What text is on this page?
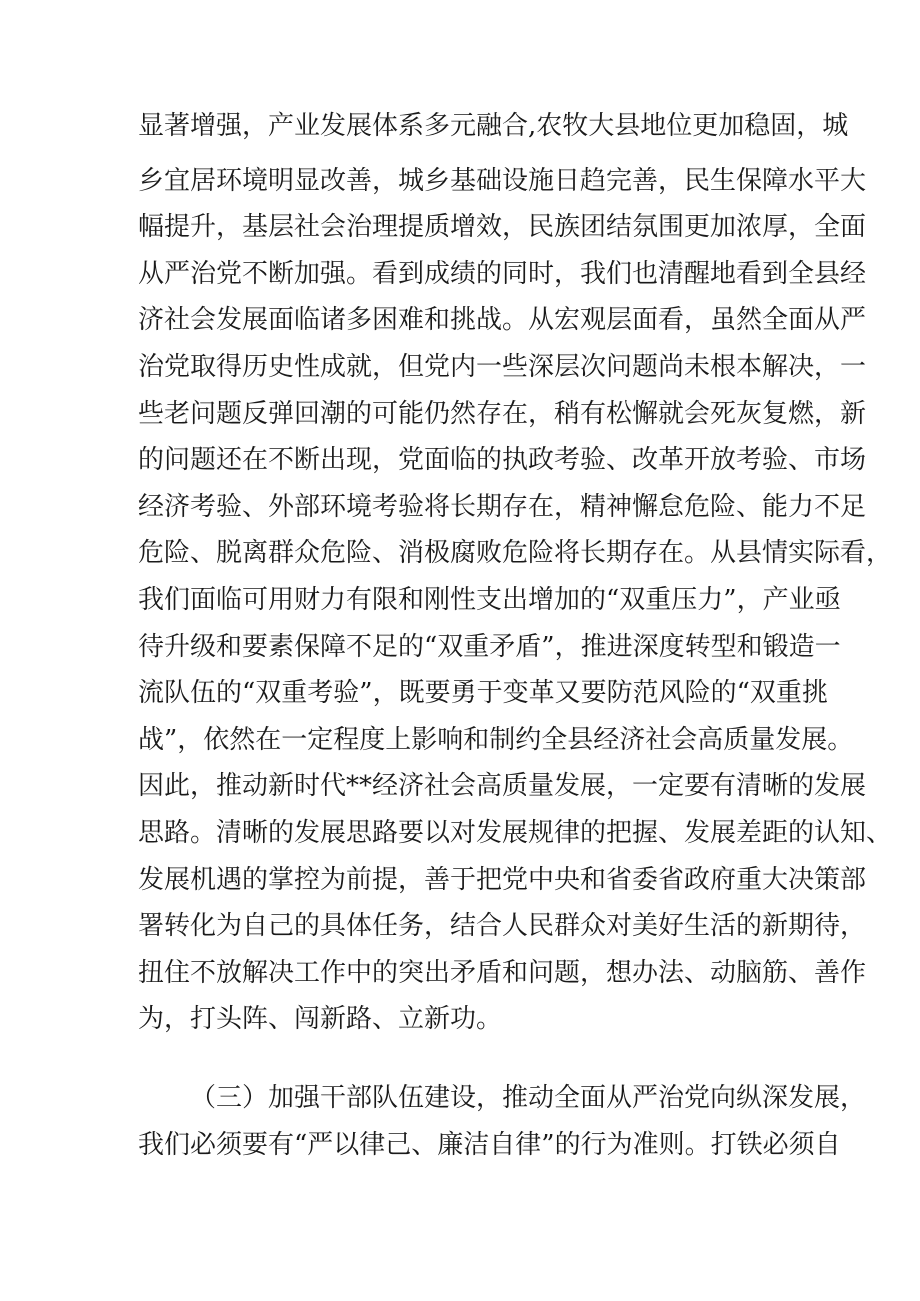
显著增强，产业发展体系多元融合,农牧大县地位更加稳固，城
乡宜居环境明显改善，城乡基础设施日趋完善，民生保障水平大
幅提升，基层社会治理提质增效，民族团结氛围更加浓厚，全面
从严治党不断加强。看到成绩的同时，我们也清醒地看到全县经
济社会发展面临诸多困难和挑战。从宏观层面看，虽然全面从严
治党取得历史性成就，但党内一些深层次问题尚未根本解决，一
些老问题反弹回潮的可能仍然存在，稍有松懈就会死灰复燃，新
的问题还在不断出现，党面临的执政考验、改革开放考验、市场
经济考验、外部环境考验将长期存在，精神懈怠危险、能力不足
危险、脱离群众危险、消极腐败危险将长期存在。从县情实际看，
我们面临可用财力有限和刚性支出增加的“双重压力”，产业亟
待升级和要素保障不足的“双重矛盾”，推进深度转型和锻造一
流队伍的“双重考验”，既要勇于变革又要防范风险的“双重挑
战”，依然在一定程度上影响和制约全县经济社会高质量发展。
因此，推动新时代**经济社会高质量发展，一定要有清晰的发展
思路。清晰的发展思路要以对发展规律的把握、发展差距的认知、
发展机遇的掌控为前提，善于把党中央和省委省政府重大决策部
署转化为自己的具体任务，结合人民群众对美好生活的新期待，
扭住不放解决工作中的突出矛盾和问题，想办法、动脑筋、善作
为，打头阵、闯新路、立新功。
（三）加强干部队伍建设，推动全面从严治党向纵深发展，
我们必须要有“严以律己、廉洁自律”的行为准则。打铁必须自
